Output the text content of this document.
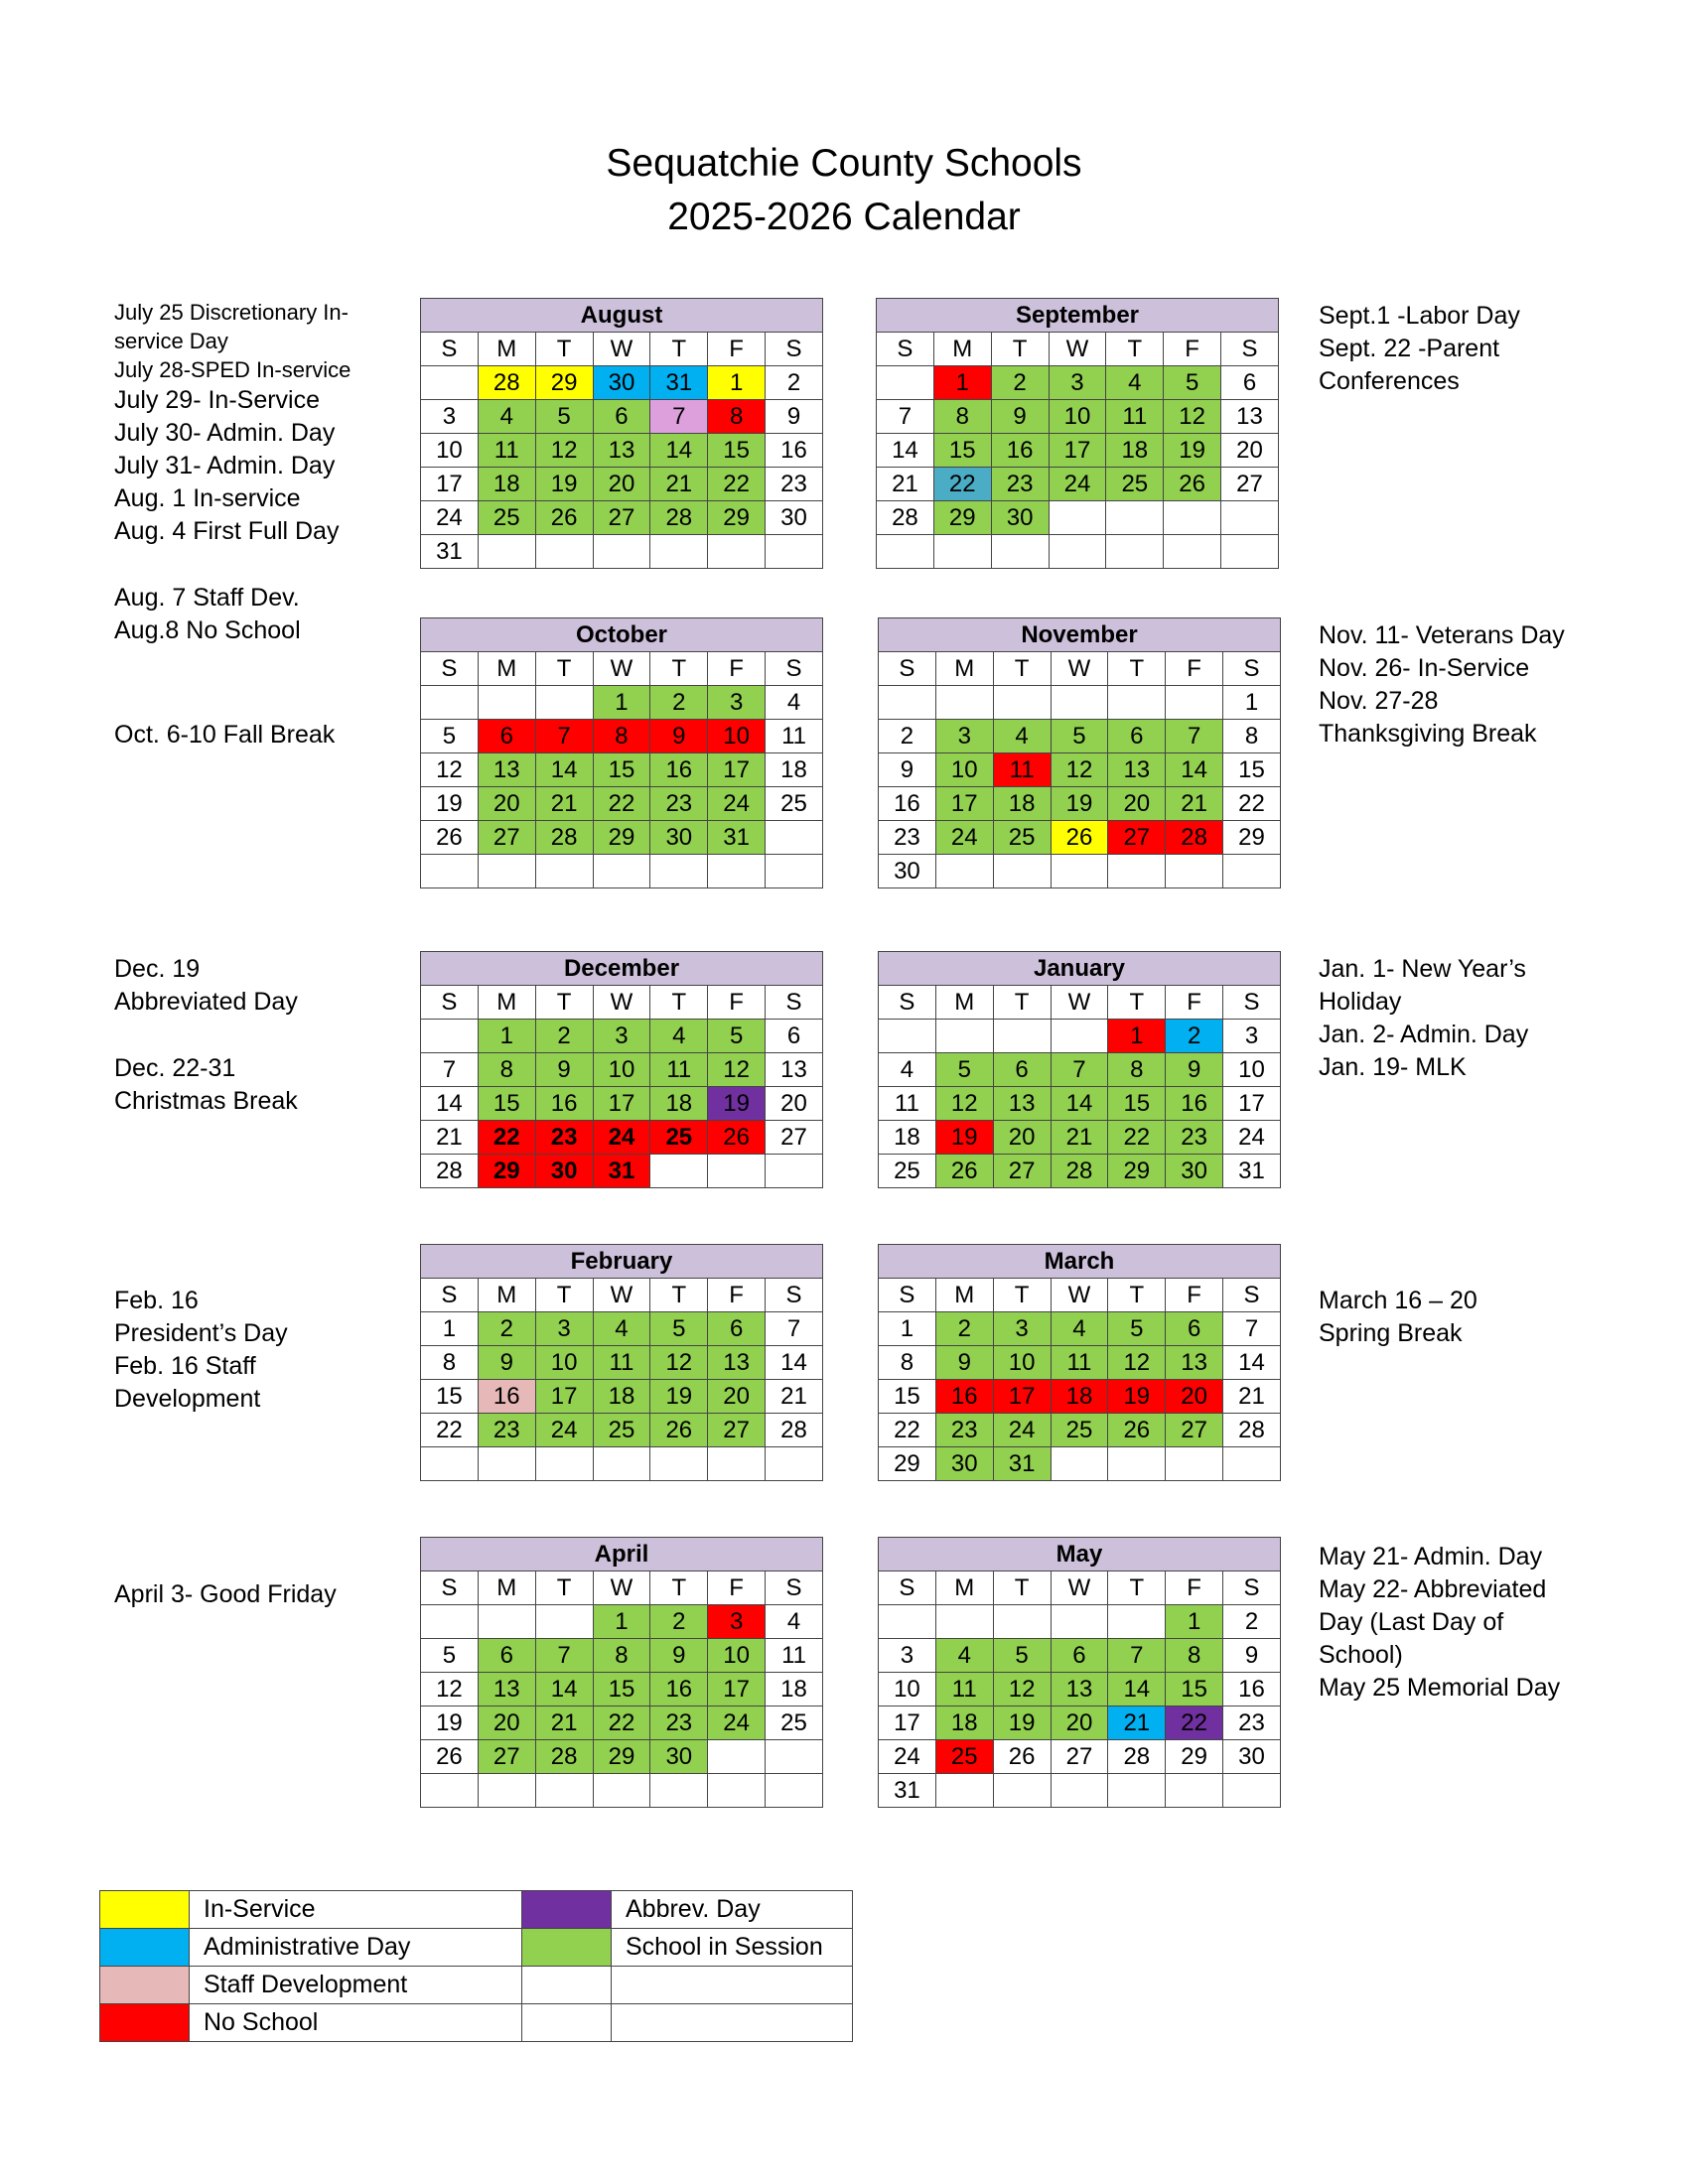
Sequatchie County Schools
2025-2026 Calendar
July 25 Discretionary In-
service Day
July 28-SPED In-service
July 29- In-Service
July 30- Admin. Day
July 31- Admin. Day
Aug. 1 In-service
Aug. 4 First Full Day
Aug. 7 Staff Dev.
Aug.8 No School
Oct. 6-10 Fall Break
Dec. 19
Abbreviated Day
Dec. 22-31
Christmas Break
Feb. 16
President’s Day
Feb. 16 Staff
Development
April 3- Good Friday
Sept.1 -Labor Day
Sept. 22 -Parent
Conferences
Nov. 11- Veterans Day
Nov. 26- In-Service
Nov. 27-28
Thanksgiving Break
Jan. 1- New Year’s
Holiday
Jan. 2- Admin. Day
Jan. 19- MLK
March 16 – 20
Spring Break
May 21- Admin. Day
May 22- Abbreviated
Day (Last Day of
School)
May 25 Memorial Day
August						
S	M	T	W	T	F	S
	28	29	30	31	1	2
3	4	5	6	7	8	9
10	11	12	13	14	15	16
17	18	19	20	21	22	23
24	25	26	27	28	29	30
31						
September						
S	M	T	W	T	F	S
	1	2	3	4	5	6
7	8	9	10	11	12	13
14	15	16	17	18	19	20
21	22	23	24	25	26	27
28	29	30				

October						
S	M	T	W	T	F	S
			1	2	3	4
5	6	7	8	9	10	11
12	13	14	15	16	17	18
19	20	21	22	23	24	25
26	27	28	29	30	31	

November						
S	M	T	W	T	F	S
						1
2	3	4	5	6	7	8
9	10	11	12	13	14	15
16	17	18	19	20	21	22
23	24	25	26	27	28	29
30						
December						
S	M	T	W	T	F	S
	1	2	3	4	5	6
7	8	9	10	11	12	13
14	15	16	17	18	19	20
21	22	23	24	25	26	27
28	29	30	31			
January						
S	M	T	W	T	F	S
				1	2	3
4	5	6	7	8	9	10
11	12	13	14	15	16	17
18	19	20	21	22	23	24
25	26	27	28	29	30	31
February						
S	M	T	W	T	F	S
1	2	3	4	5	6	7
8	9	10	11	12	13	14
15	16	17	18	19	20	21
22	23	24	25	26	27	28

March						
S	M	T	W	T	F	S
1	2	3	4	5	6	7
8	9	10	11	12	13	14
15	16	17	18	19	20	21
22	23	24	25	26	27	28
29	30	31				
April						
S	M	T	W	T	F	S
			1	2	3	4
5	6	7	8	9	10	11
12	13	14	15	16	17	18
19	20	21	22	23	24	25
26	27	28	29	30		

May						
S	M	T	W	T	F	S
					1	2
3	4	5	6	7	8	9
10	11	12	13	14	15	16
17	18	19	20	21	22	23
24	25	26	27	28	29	30
31						
	In-Service		Abbrev. Day
	Administrative Day		School in Session
	Staff Development		
	No School		
